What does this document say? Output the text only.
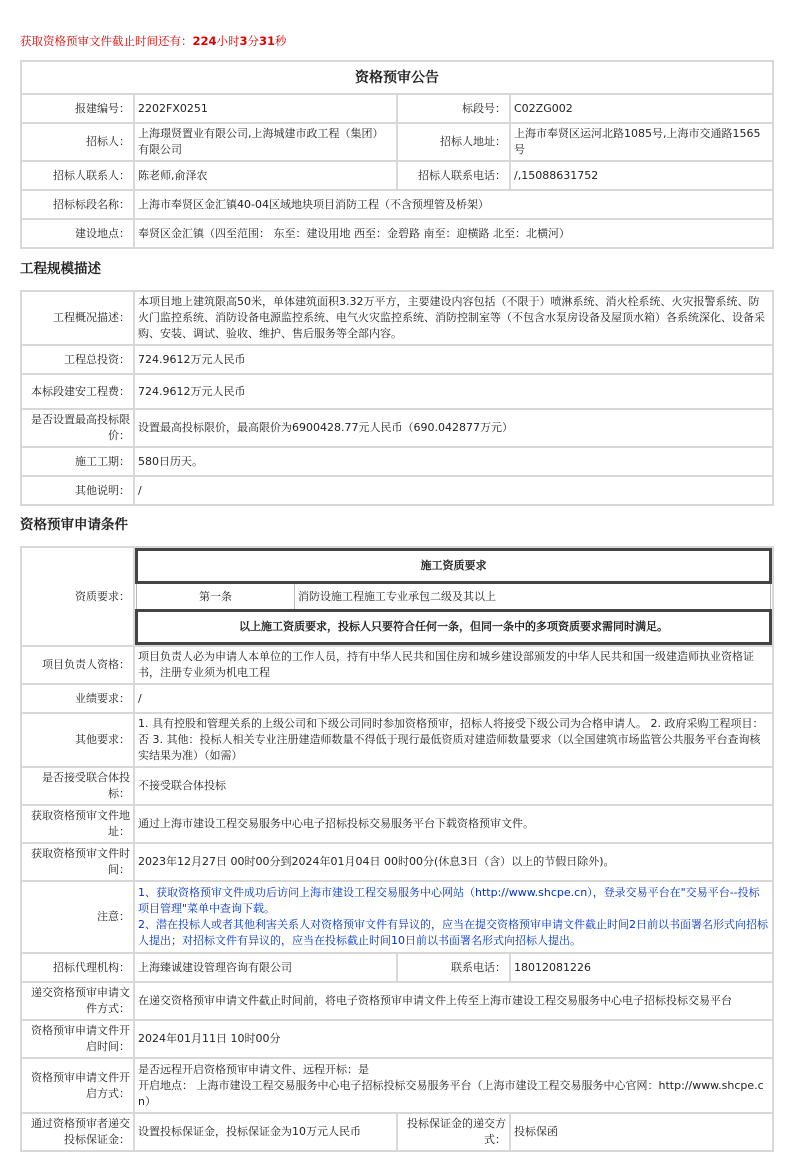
获取资格预审文件截止时间还有：224小时3分31秒
资格预审公告			
报建编号：	2202FX0251	标段号：	C02ZG002
招标人：	上海璟贤置业有限公司,上海城建市政工程（集团）有限公司	招标人地址：	上海市奉贤区运河北路1085号,上海市交通路1565号
招标人联系人：	陈老师,俞泽农	招标人联系电话：	/,15088631752
招标标段名称：	上海市奉贤区金汇镇40-04区域地块项目消防工程（不含预埋管及桥架）		
建设地点：	奉贤区金汇镇（四至范围： 东至：建设用地 西至：金碧路 南至：迎横路 北至：北横河）		
工程规模描述
工程概况描述：	本项目地上建筑限高50米，单体建筑面积3.32万平方，主要建设内容包括（不限于）喷淋系统、消火栓系统、火灾报警系统、防火门监控系统、消防设备电源监控系统、电气火灾监控系统、消防控制室等（不包含水泵房设备及屋顶水箱）各系统深化、设备采购、安装、调试、验收、维护、售后服务等全部内容。
工程总投资：	724.9612万元人民币
本标段建安工程费：	724.9612万元人民币
是否设置最高投标限价：	设置最高投标限价，最高限价为6900428.77元人民币（690.042877万元）
施工工期：	580日历天。
其他说明：	/
资格预审申请条件
资质要求：	
施工资质要求
第一条	消防设施工程施工专业承包二级及其以上
以上施工资质要求，投标人只要符合任何一条，但同一条中的多项资质要求需同时满足。

项目负责人资格：	项目负责人必为申请人本单位的工作人员，持有中华人民共和国住房和城乡建设部颁发的中华人民共和国一级建造师执业资格证书，注册专业须为机电工程
业绩要求：	/
其他要求：	1. 具有控股和管理关系的上级公司和下级公司同时参加资格预审，招标人将接受下级公司为合格申请人。 2. 政府采购工程项目： 否 3. 其他：投标人相关专业注册建造师数量不得低于现行最低资质对建造师数量要求（以全国建筑市场监管公共服务平台查询核实结果为准）（如需）
是否接受联合体投标：	不接受联合体投标
获取资格预审文件地址：	通过上海市建设工程交易服务中心电子招标投标交易服务平台下载资格预审文件。
获取资格预审文件时间：	2023年12月27日 00时00分到2024年01月04日 00时00分(休息3日（含）以上的节假日除外)。
注意：	
1、获取资格预审文件成功后访问上海市建设工程交易服务中心网站（http://www.shcpe.cn），登录交易平台在"交易平台--投标项目管理"菜单中查询下载。
2、潜在投标人或者其他利害关系人对资格预审文件有异议的，应当在提交资格预审申请文件截止时间2日前以书面署名形式向招标人提出；对招标文件有异议的，应当在投标截止时间10日前以书面署名形式向招标人提出。

招标代理机构：	上海臻诚建设管理咨询有限公司	联系电话：	18012081226
递交资格预审申请文件方式：	在递交资格预审申请文件截止时间前，将电子资格预审申请文件上传至上海市建设工程交易服务中心电子招标投标交易平台
资格预审申请文件开启时间：	2024年01月11日 10时00分
资格预审申请文件开启方式：	
是否远程开启资格预审申请文件、远程开标：是
开启地点： 上海市建设工程交易服务中心电子招标投标交易服务平台（上海市建设工程交易服务中心官网：http://www.shcpe.cn）

通过资格预审者递交投标保证金：	设置投标保证金，投标保证金为10万元人民币	投标保证金的递交方式：	投标保函
